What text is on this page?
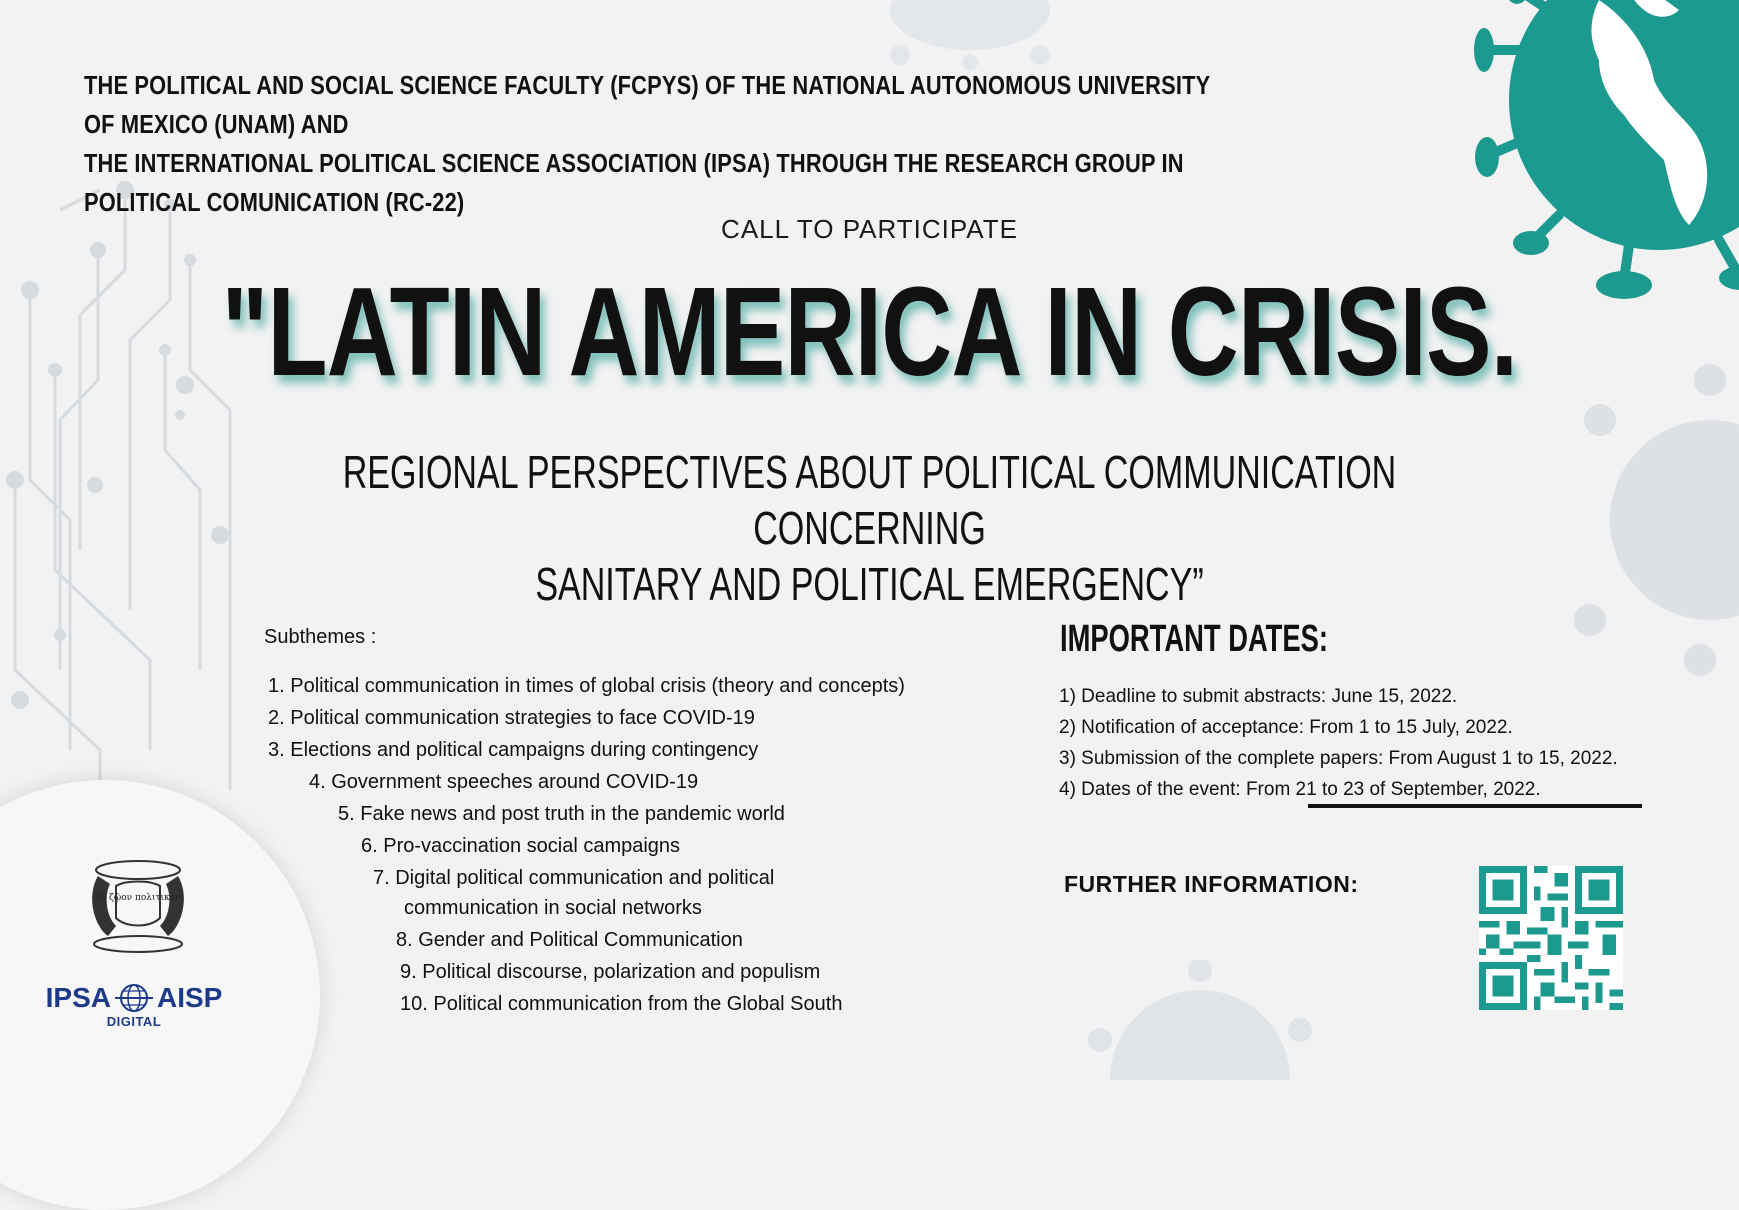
THE POLITICAL AND SOCIAL SCIENCE FACULTY (FCPYS) OF THE NATIONAL AUTONOMOUS UNIVERSITY OF MEXICO (UNAM) AND
THE INTERNATIONAL POLITICAL SCIENCE ASSOCIATION (IPSA) THROUGH THE RESEARCH GROUP IN POLITICAL COMUNICATION (RC-22)
CALL TO PARTICIPATE
"LATIN AMERICA IN CRISIS.
REGIONAL PERSPECTIVES ABOUT POLITICAL COMMUNICATION CONCERNING
SANITARY AND POLITICAL EMERGENCY”
Subthemes :
1. Political communication in times of global crisis (theory and concepts)
2. Political communication strategies to face COVID-19
3. Elections and political campaigns during contingency
4. Government speeches around COVID-19
5. Fake news and post truth in the pandemic world
6. Pro-vaccination social campaigns
7. Digital political communication and political
communication in social networks
8. Gender and Political Communication
9. Political discourse, polarization and populism
10. Political communication from the Global South
IMPORTANT DATES:
1) Deadline to submit abstracts: June 15, 2022.
2) Notification of acceptance: From 1 to 15 July, 2022.
3) Submission of the complete papers: From August 1 to 15, 2022.
4) Dates of the event: From 21 to 23 of September, 2022.
FURTHER INFORMATION:
Tó ζῷον πολιτικόν
IPSA AISP
DIGITAL
